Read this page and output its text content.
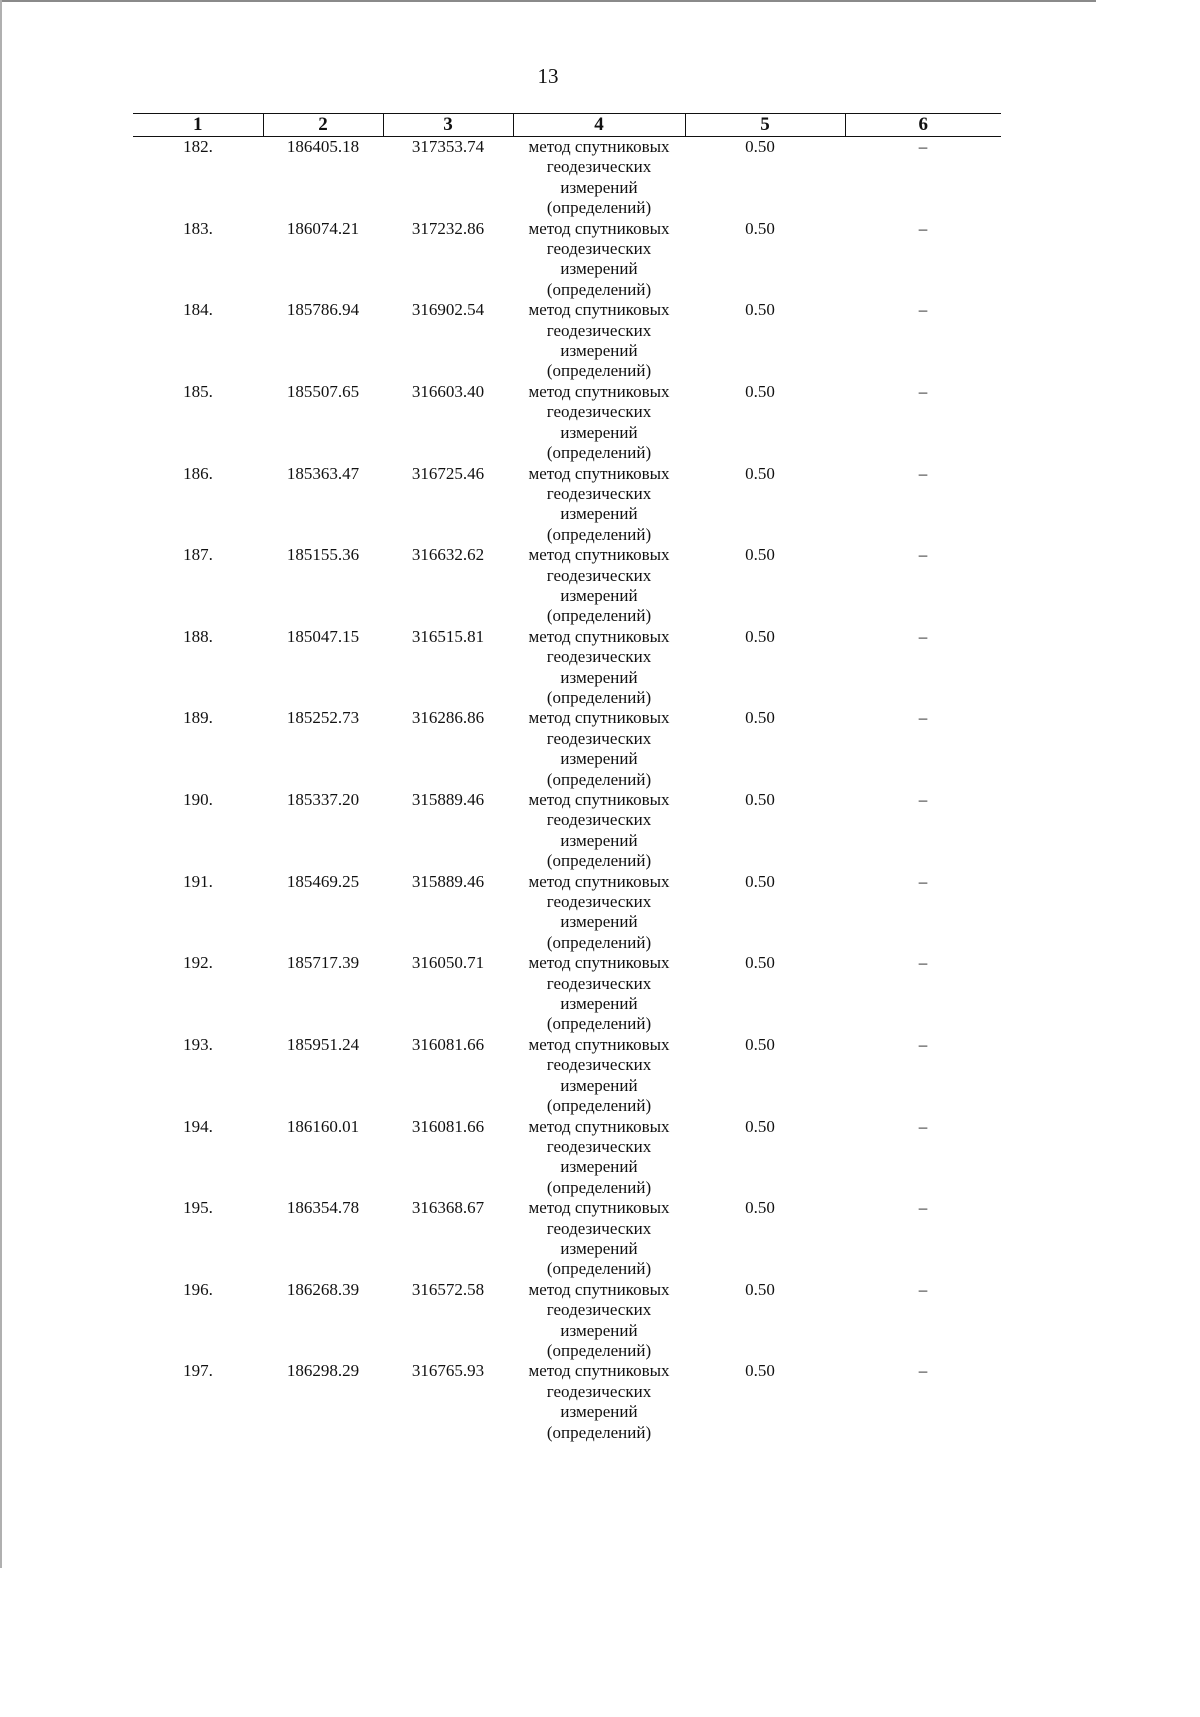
13
1	2	3	4	5	6
182.	186405.18	317353.74	метод спутниковых
геодезических
измерений
(определений)	0.50	–
183.	186074.21	317232.86	метод спутниковых
геодезических
измерений
(определений)	0.50	–
184.	185786.94	316902.54	метод спутниковых
геодезических
измерений
(определений)	0.50	–
185.	185507.65	316603.40	метод спутниковых
геодезических
измерений
(определений)	0.50	–
186.	185363.47	316725.46	метод спутниковых
геодезических
измерений
(определений)	0.50	–
187.	185155.36	316632.62	метод спутниковых
геодезических
измерений
(определений)	0.50	–
188.	185047.15	316515.81	метод спутниковых
геодезических
измерений
(определений)	0.50	–
189.	185252.73	316286.86	метод спутниковых
геодезических
измерений
(определений)	0.50	–
190.	185337.20	315889.46	метод спутниковых
геодезических
измерений
(определений)	0.50	–
191.	185469.25	315889.46	метод спутниковых
геодезических
измерений
(определений)	0.50	–
192.	185717.39	316050.71	метод спутниковых
геодезических
измерений
(определений)	0.50	–
193.	185951.24	316081.66	метод спутниковых
геодезических
измерений
(определений)	0.50	–
194.	186160.01	316081.66	метод спутниковых
геодезических
измерений
(определений)	0.50	–
195.	186354.78	316368.67	метод спутниковых
геодезических
измерений
(определений)	0.50	–
196.	186268.39	316572.58	метод спутниковых
геодезических
измерений
(определений)	0.50	–
197.	186298.29	316765.93	метод спутниковых
геодезических
измерений
(определений)	0.50	–
